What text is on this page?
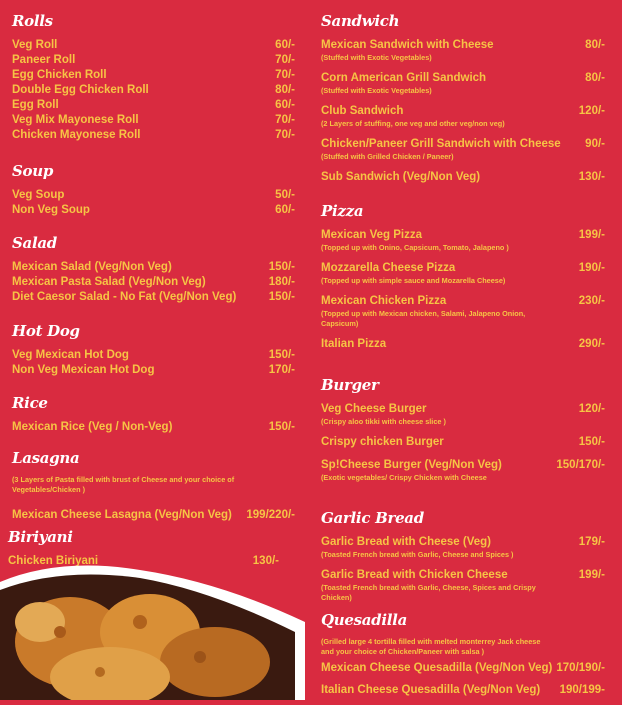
Rolls
Veg Roll	60/-
Paneer Roll	70/-
Egg Chicken Roll	70/-
Double Egg Chicken Roll	80/-
Egg Roll	60/-
Veg Mix Mayonese Roll	70/-
Chicken Mayonese Roll	70/-
Soup
Veg Soup	50/-
Non Veg Soup	60/-
Salad
Mexican Salad (Veg/Non Veg)	150/-
Mexican Pasta Salad (Veg/Non Veg)	180/-
Diet Caesor Salad - No Fat (Veg/Non Veg)	150/-
Hot Dog
Veg Mexican Hot Dog	150/-
Non Veg Mexican Hot Dog	170/-
Rice
Mexican Rice (Veg / Non-Veg)	150/-
Lasagna
(3 Layers of Pasta filled with brust of Cheese and your choice of Vegetables/Chicken )
Mexican Cheese Lasagna (Veg/Non Veg) 199/220/-
Biriyani
Chicken Biriyani	130/-
Sandwich
Mexican Sandwich with Cheese	80/-
(Stuffed with Exotic Vegetables)
Corn American Grill Sandwich	80/-
(Stuffed with Exotic Vegetables)
Club Sandwich	120/-
(2 Layers of stuffing, one veg and other veg/non veg)
Chicken/Paneer Grill Sandwich with Cheese 90/-
(Stuffed with Grilled Chicken / Paneer)
Sub Sandwich (Veg/Non Veg)	130/-
Pizza
Mexican Veg Pizza	199/-
(Topped up with Onino, Capsicum, Tomato, Jalapeno )
Mozzarella Cheese Pizza	190/-
(Topped up with simple sauce and Mozarella Cheese)
Mexican Chicken Pizza	230/-
(Topped up with Mexican chicken, Salami, Jalapeno Onion, Capsicum)
Italian Pizza	290/-
Burger
Veg Cheese Burger	120/-
(Crispy aloo tikki with cheese slice )
Crispy chicken Burger	150/-
Sp!Cheese Burger (Veg/Non Veg)	150/170/-
(Exotic vegetables/ Crispy Chicken with Cheese
Garlic Bread
Garlic Bread with Cheese (Veg)	179/-
(Toasted French bread with Garlic, Cheese and Spices )
Garlic Bread with Chicken Cheese	199/-
(Toasted French bread with Garlic, Cheese, Spices and Crispy Chicken)
Quesadilla
(Grilled large 4 tortilla filled with melted monterrey Jack cheese and your choice of Chicken/Paneer with salsa )
Mexican Cheese Quesadilla (Veg/Non Veg) 170/190/-
Italian Cheese Quesadilla (Veg/Non Veg) 190/199-
